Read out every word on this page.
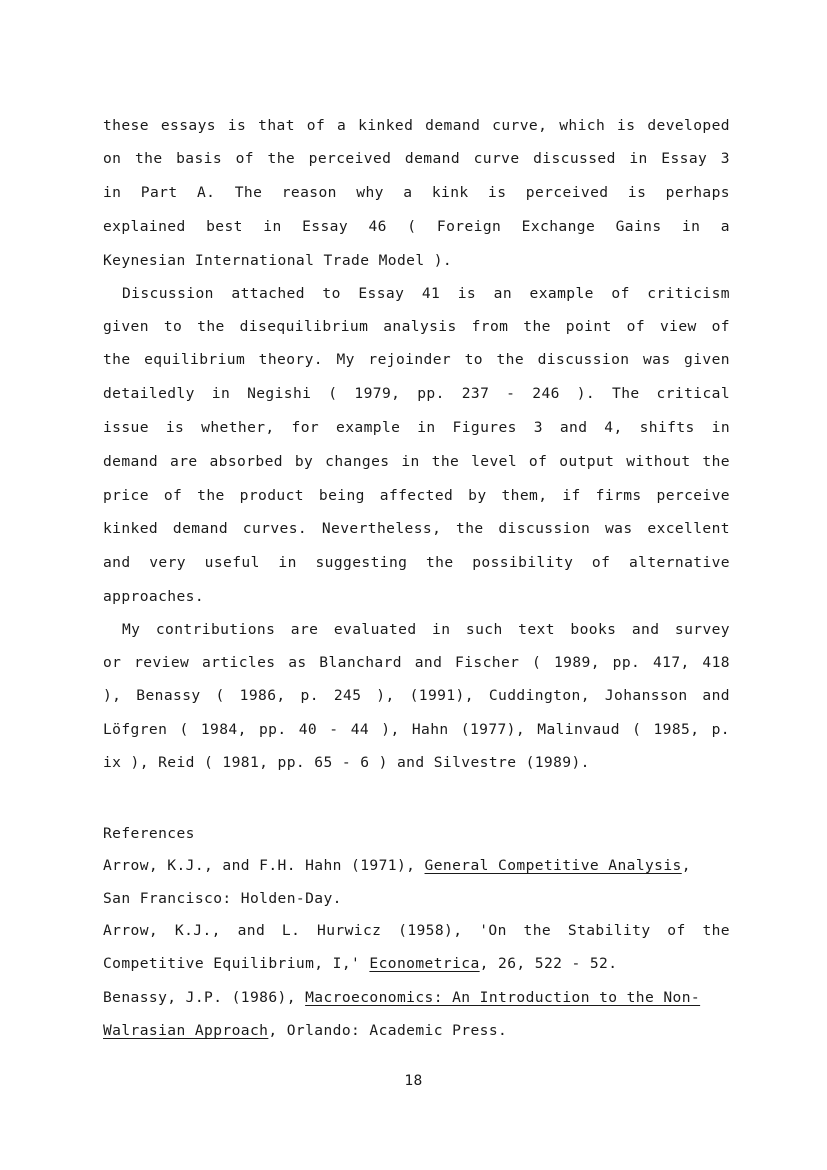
these essays is that of a kinked demand curve, which is developed
on the basis of the perceived demand curve discussed in Essay 3
in Part A. The reason why a kink is perceived is perhaps
explained best in Essay 46 ( Foreign Exchange Gains in a
Keynesian International Trade Model ).
Discussion attached to Essay 41 is an example of criticism
given to the disequilibrium analysis from the point of view of
the equilibrium theory. My rejoinder to the discussion was given
detailedly in Negishi ( 1979, pp. 237 - 246 ). The critical
issue is whether, for example in Figures 3 and 4, shifts in
demand are absorbed by changes in the level of output without the
price of the product being affected by them, if firms perceive
kinked demand curves. Nevertheless, the discussion was excellent
and very useful in suggesting the possibility of alternative
approaches.
My contributions are evaluated in such text books and survey
or review articles as Blanchard and Fischer ( 1989, pp. 417, 418
), Benassy ( 1986, p. 245 ), (1991), Cuddington, Johansson and
Löfgren ( 1984, pp. 40 - 44 ), Hahn (1977), Malinvaud ( 1985, p.
ix ), Reid ( 1981, pp. 65 - 6 ) and Silvestre (1989).
References
Arrow, K.J., and F.H. Hahn (1971), General Competitive Analysis,
San Francisco: Holden-Day.
Arrow, K.J., and L. Hurwicz (1958), 'On the Stability of the
Competitive Equilibrium, I,' Econometrica, 26, 522 - 52.
Benassy, J.P. (1986), Macroeconomics: An Introduction to the Non-
Walrasian Approach, Orlando: Academic Press.
18
